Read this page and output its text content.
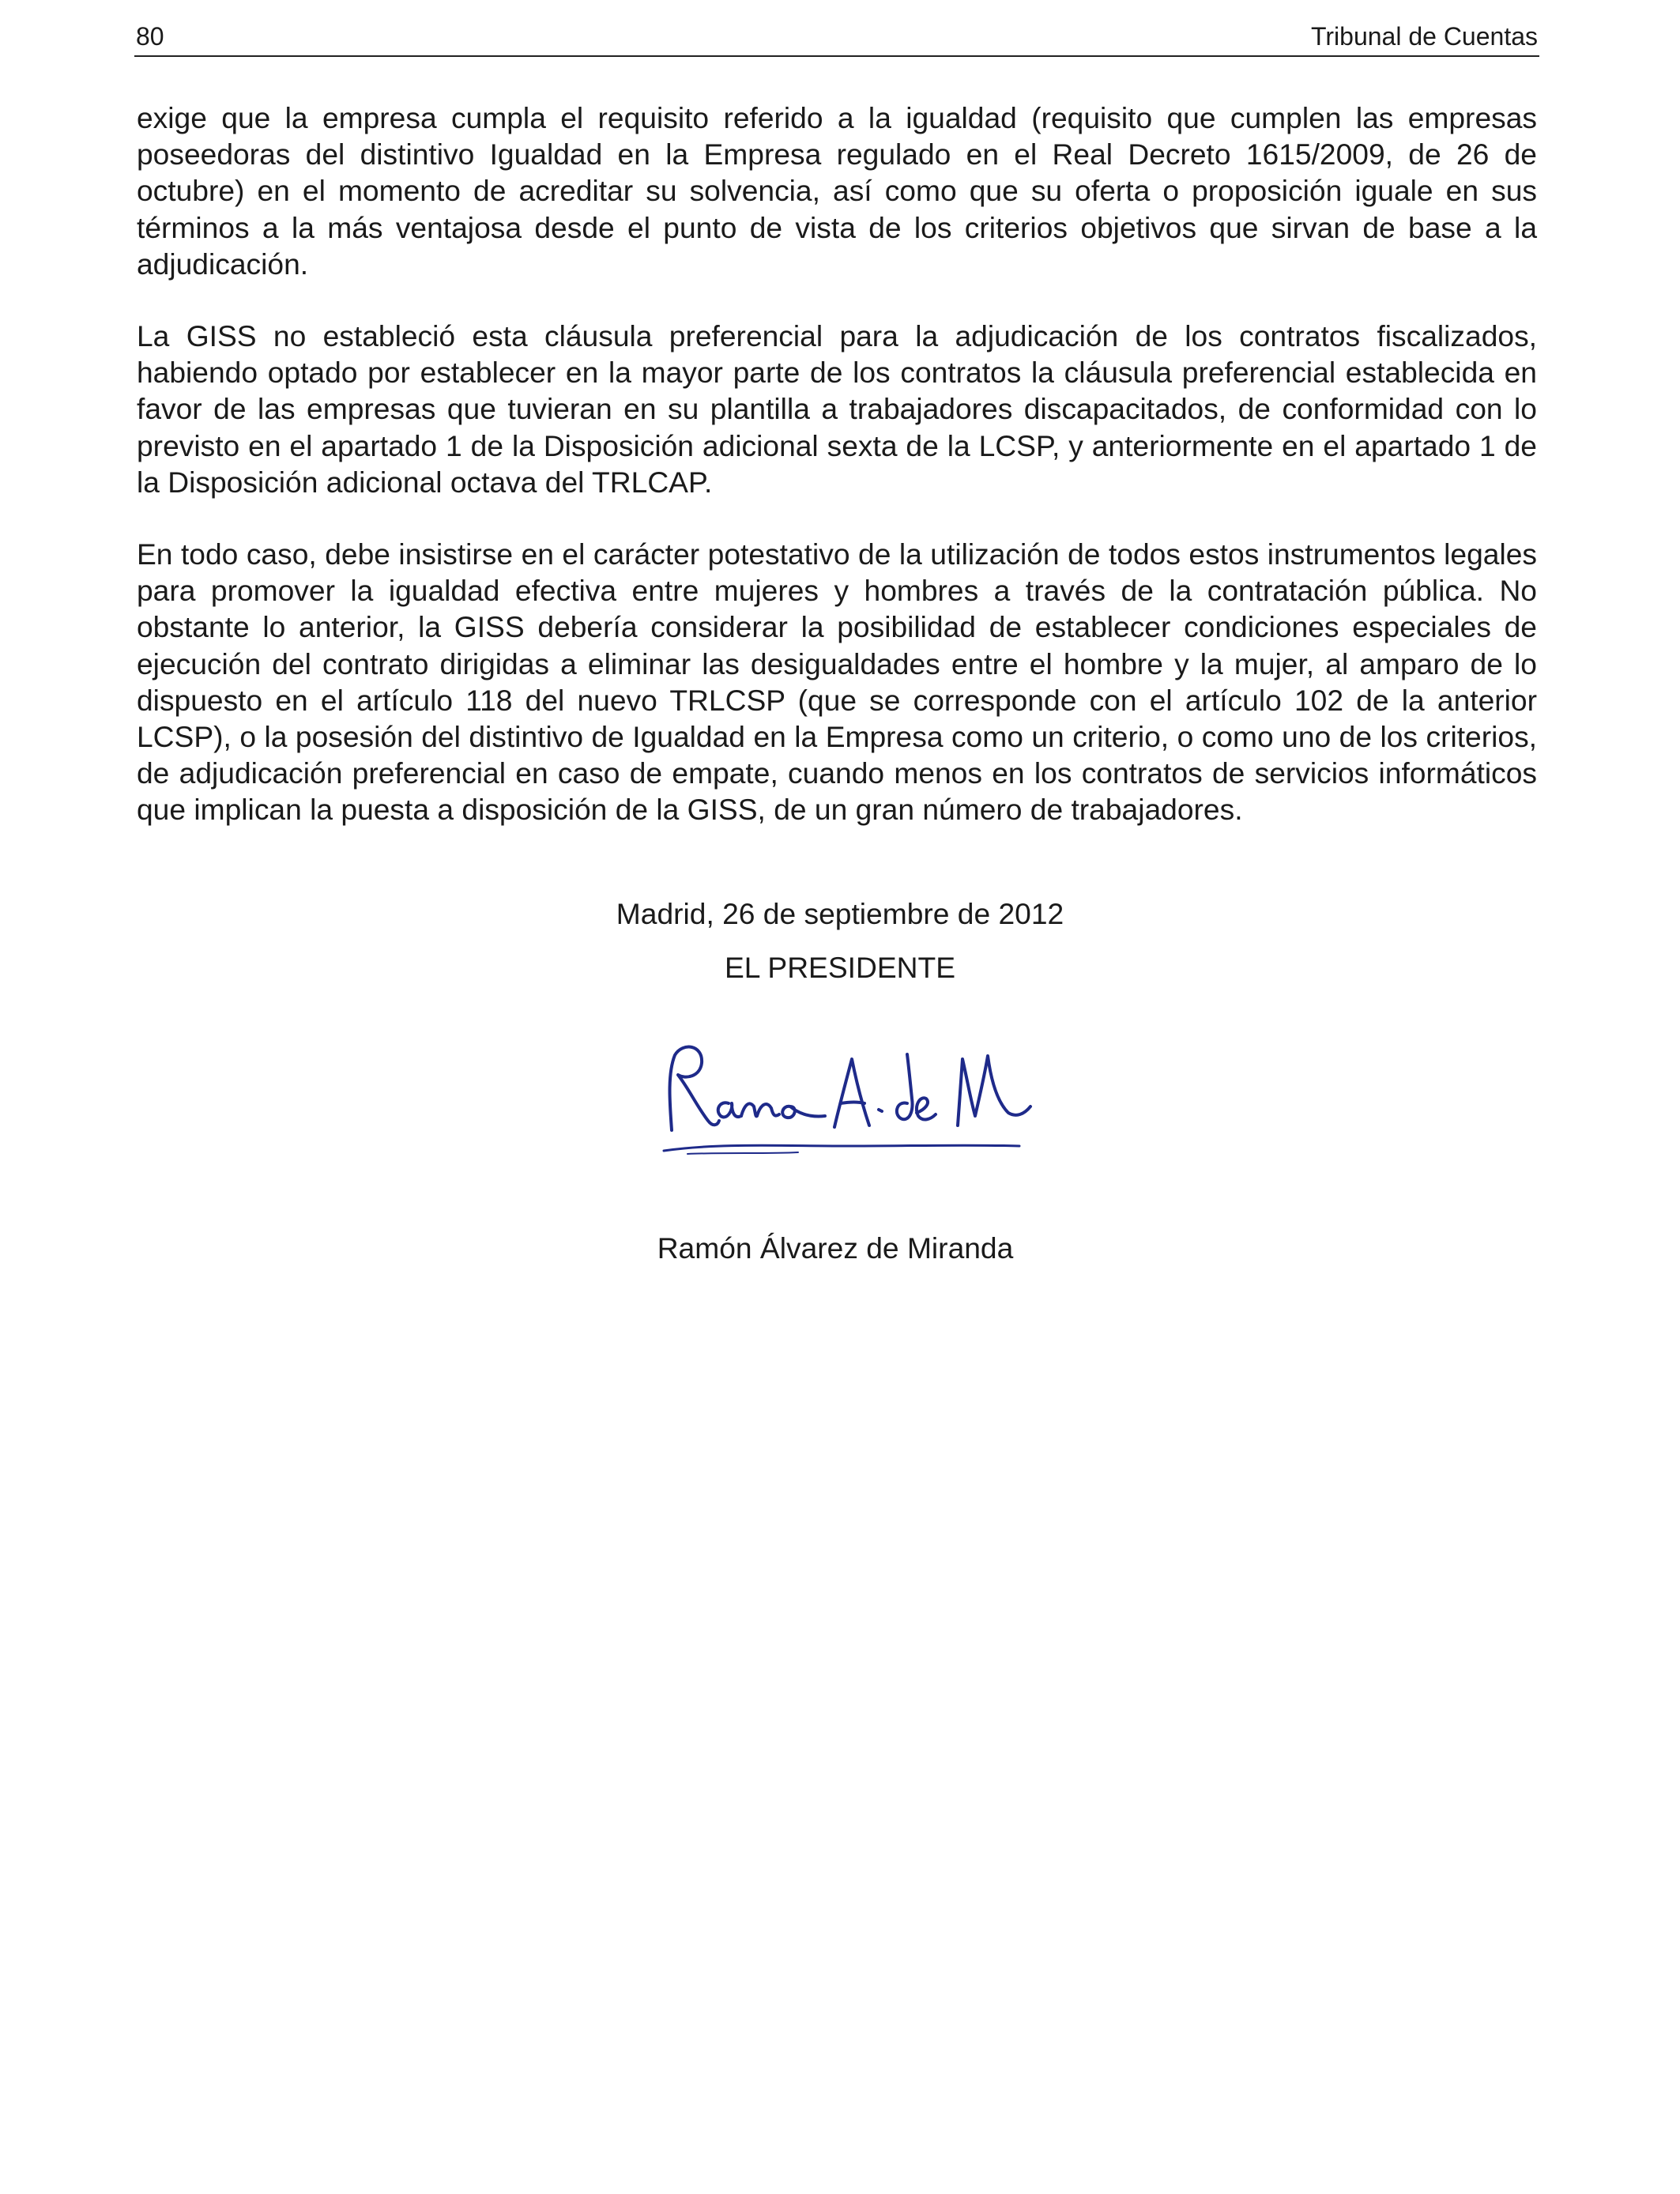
80	Tribunal de Cuentas

exige que la empresa cumpla el requisito referido a la igualdad (requisito que cumplen las empresas poseedoras del distintivo Igualdad en la Empresa regulado en el Real Decreto 1615/2009, de 26 de octubre) en el momento de acreditar su solvencia, así como que su oferta o proposición iguale en sus términos a la más ventajosa desde el punto de vista de los criterios objetivos que sirvan de base a la adjudicación.

La GISS no estableció esta cláusula preferencial para la adjudicación de los contratos fiscalizados, habiendo optado por establecer en la mayor parte de los contratos la cláusula preferencial establecida en favor de las empresas que tuvieran en su plantilla a trabajadores discapacitados, de conformidad con lo previsto en el apartado 1 de la Disposición adicional sexta de la LCSP, y anteriormente en el apartado 1 de la Disposición adicional octava del TRLCAP.

En todo caso, debe insistirse en el carácter potestativo de la utilización de todos estos instrumentos legales para promover la igualdad efectiva entre mujeres y hombres a través de la contratación pública. No obstante lo anterior, la GISS debería considerar la posibilidad de establecer condiciones especiales de ejecución del contrato dirigidas a eliminar las desigualdades entre el hombre y la mujer, al amparo de lo dispuesto en el artículo 118 del nuevo TRLCSP (que se corresponde con el artículo 102 de la anterior LCSP), o la posesión del distintivo de Igualdad en la Empresa como un criterio, o como uno de los criterios, de adjudicación preferencial en caso de empate, cuando menos en los contratos de servicios informáticos que implican la puesta a disposición de la GISS, de un gran número de trabajadores.

Madrid, 26 de septiembre de 2012
EL PRESIDENTE
Ramón Álvarez de Miranda
